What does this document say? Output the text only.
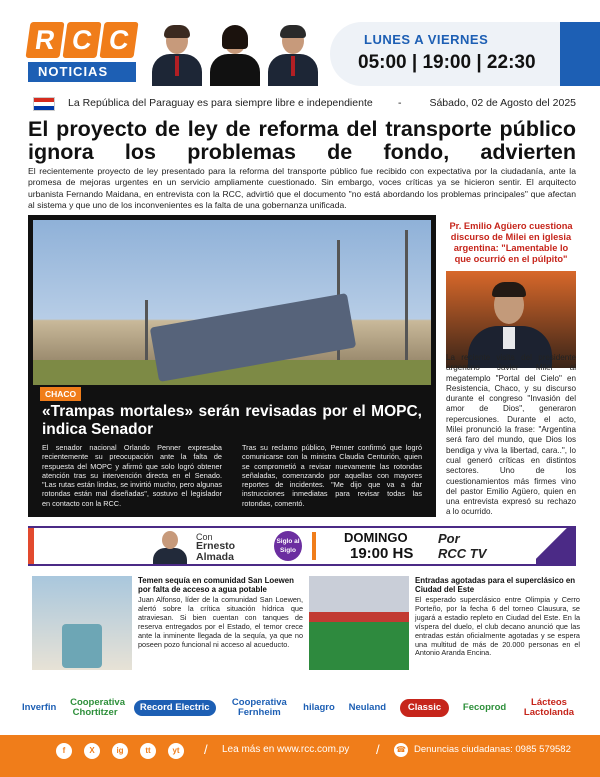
R C C
NOTICIAS
LUNES A VIERNES
05:00 | 19:00 | 22:30
La República del Paraguay es para siempre libre e independiente -	Sábado, 02 de Agosto del 2025
El proyecto de ley de reforma del transporte público ignora los problemas de fondo, advierten

El recientemente proyecto de ley presentado para la reforma del transporte público fue recibido con expectativa por la ciudadanía, ante la promesa de mejoras urgentes en un servicio ampliamente cuestionado. Sin embargo, voces críticas ya se hicieron sentir. El arquitecto urbanista Fernando Maidana, en entrevista con la RCC, advirtió que el documento "no está abordando los problemas principales" que afectan al sistema y que uno de los inconvenientes es la falta de una gobernanza unificada.

CHACO
«Trampas mortales» serán revisadas por el MOPC, indica Senador
El senador nacional Orlando Penner expresaba recientemente su preocupación ante la falta de respuesta del MOPC y afirmó que solo logró obtener atención tras su intervención directa en el Senado. "Las rutas están lindas, se invirtió mucho, pero algunas rotondas están mal diseñadas", sostuvo el legislador en contacto con la RCC.
Tras su reclamo público, Penner confirmó que logró comunicarse con la ministra Claudia Centurión, quien se comprometió a revisar nuevamente las rotondas señaladas, comenzando por aquellas con mayores reportes de incidentes. "Me dijo que va a dar instrucciones inmediatas para revisar todas las rotondas, comentó.
Pr. Emilio Agüero cuestiona discurso de Milei en iglesia argentina: "Lamentable lo que ocurrió en el púlpito"
La reciente visita del presidente argentino Javier Milei al megatemplo "Portal del Cielo" en Resistencia, Chaco, y su discurso durante el congreso "Invasión del amor de Dios", generaron repercusiones. Durante el acto, Milei pronunció la frase: "Argentina será faro del mundo, que Dios los bendiga y viva la libertad, cara..", lo cual generó críticas en distintos sectores. Uno de los cuestionamientos más firmes vino del pastor Emilio Agüero, quien en una entrevista expresó su rechazo a lo ocurrido.
Con
Ernesto Almada
Siglo al Siglo
DOMINGO
19:00 HS
Por
RCC TV
Temen sequía en comunidad San Loewen por falta de acceso a agua potable
Juan Alfonso, líder de la comunidad San Loewen, alertó sobre la crítica situación hídrica que atraviesan. Si bien cuentan con tanques de reserva entregados por el Estado, el temor crece ante la inminente llegada de la sequía, ya que no poseen pozo funcional ni acceso al acueducto.
Entradas agotadas para el superclásico en Ciudad del Este
El esperado superclásico entre Olimpia y Cerro Porteño, por la fecha 6 del torneo Clausura, se jugará a estadio repleto en Ciudad del Este. En la víspera del duelo, el club decano anunció que las entradas están oficialmente agotadas y se espera una multitud de más de 20.000 personas en el Antonio Aranda Encina.
Inverfin Cooperativa Chortitzer	Record Electric	Cooperativa Fernheim	hilagro Neuland	Classic	Fecoprod	Lácteos Lactolanda
f	X	ig	tt	yt	/ Lea más en www.rcc.com.py / ☎ Denuncias ciudadanas: 0985 579582
